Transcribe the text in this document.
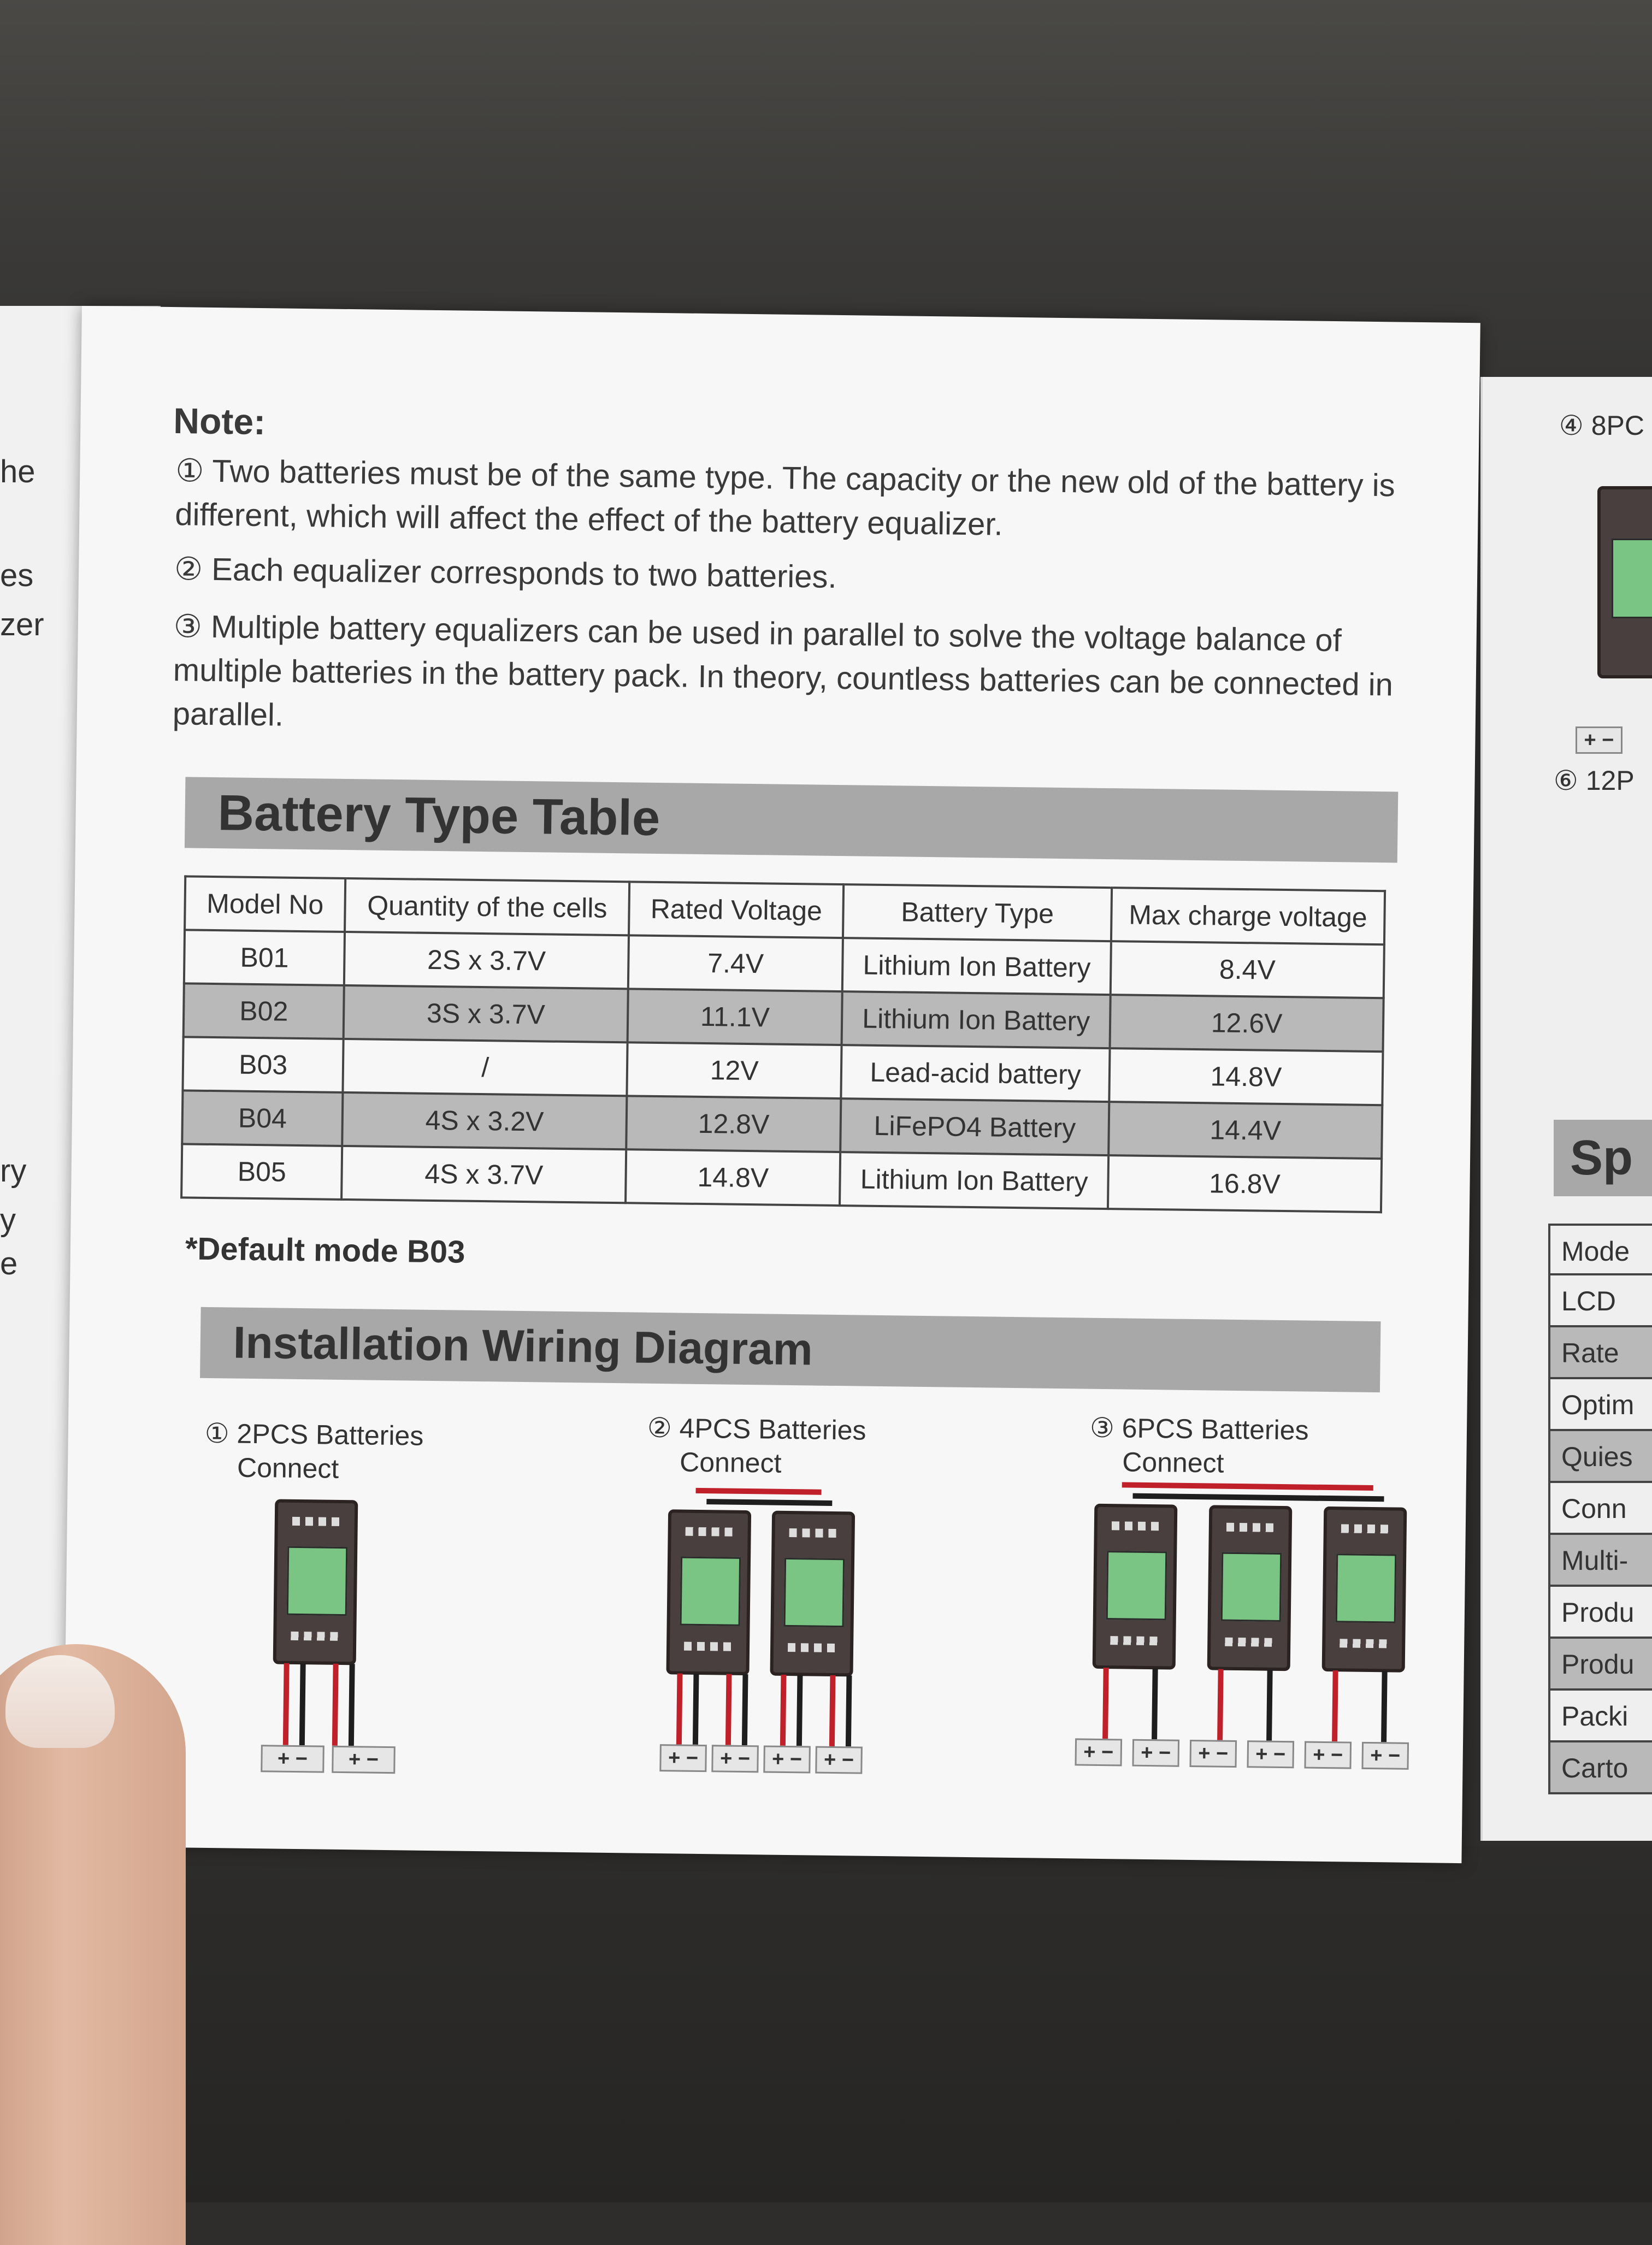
he
es
zer
ry
y
e
Note:
① Two batteries must be of the same type. The capacity or the new old of the battery is different, which will affect the effect of the battery equalizer.
② Each equalizer corresponds to two batteries.
③ Multiple battery equalizers can be used in parallel to solve the voltage balance of multiple batteries in the battery pack. In theory, countless batteries can be connected in parallel.
Battery Type Table
Model No	Quantity of the cells	Rated Voltage	Battery Type	Max charge voltage
B01	2S x 3.7V	7.4V	Lithium Ion Battery	8.4V
B02	3S x 3.7V	11.1V	Lithium Ion Battery	12.6V
B03	/	12V	Lead-acid battery	14.8V
B04	4S x 3.2V	12.8V	LiFePO4 Battery	14.4V
B05	4S x 3.7V	14.8V	Lithium Ion Battery	16.8V
*Default mode B03
Installation Wiring Diagram
① 2PCS Batteries
Connect
+ −	+ −
② 4PCS Batteries
Connect
+ −	+ −	+ −	+ −
③ 6PCS Batteries
Connect
+ −	+ −	+ −	+ −	+ −	+ −
④ 8PC
+ −
⑥ 12P
Sp
Mode
LCD
Rate
Optim
Quies
Conn
Multi-
Produ
Produ
Packi
Carto
